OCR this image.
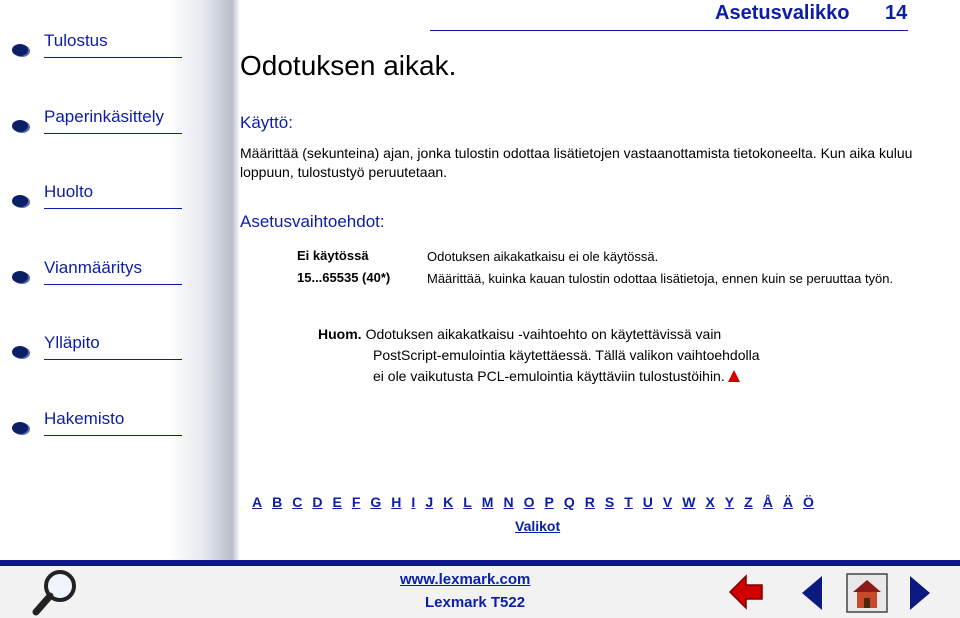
Tulostus
Paperinkäsittely
Huolto
Vianmääritys
Ylläpito
Hakemisto
Asetusvalikko 14
Odotuksen aikak.
Käyttö:
Määrittää (sekunteina) ajan, jonka tulostin odottaa lisätietojen vastaanottamista tietokoneelta. Kun aika kuluu loppuun, tulostustyö peruutetaan.
Asetusvaihtoehdot:
Ei käytössä	Odotuksen aikakatkaisu ei ole käytössä.
15...65535 (40*)	Määrittää, kuinka kauan tulostin odottaa lisätietoja, ennen kuin se peruuttaa työn.
Huom. Odotuksen aikakatkaisu -vaihtoehto on käytettävissä vain
PostScript-emulointia käytettäessä. Tällä valikon vaihtoehdolla
ei ole vaikutusta PCL-emulointia käyttäviin tulostustöihin.
A B C D E F G H I J K L M N O P Q R S T U V W X Y Z Å Ä Ö
Valikot
www.lexmark.com
Lexmark T522
